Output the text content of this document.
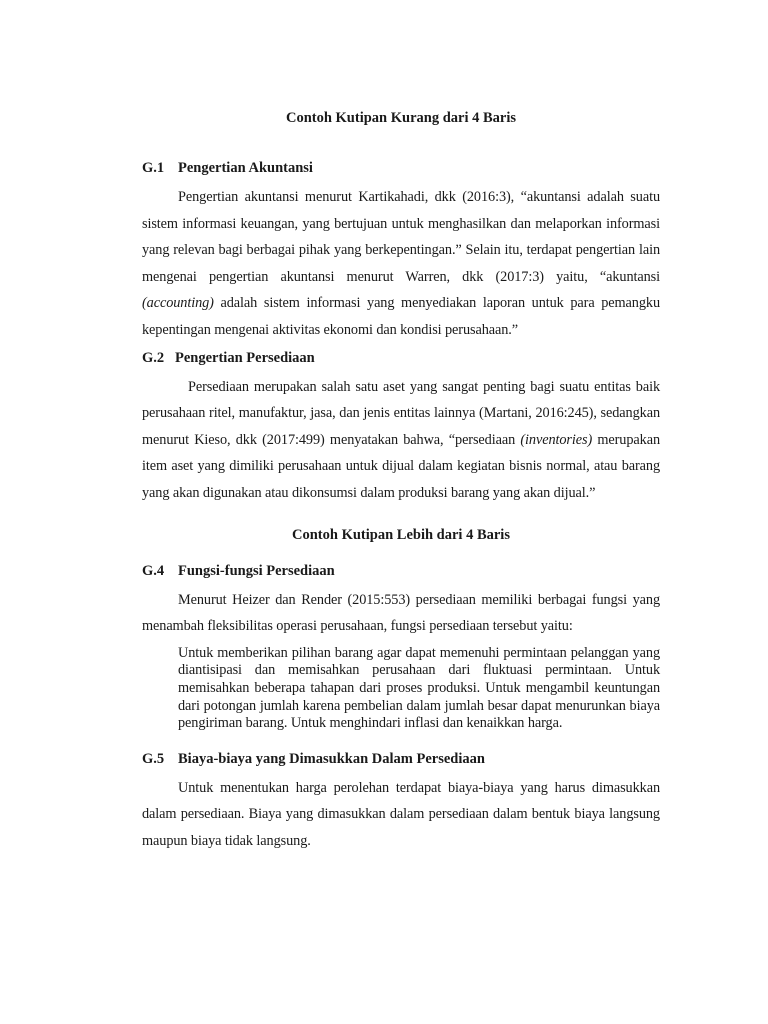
Contoh Kutipan Kurang dari 4 Baris

G.1 Pengertian Akuntansi

Pengertian akuntansi menurut Kartikahadi, dkk (2016:3), “akuntansi adalah suatu sistem informasi keuangan, yang bertujuan untuk menghasilkan dan melaporkan informasi yang relevan bagi berbagai pihak yang berkepentingan.” Selain itu, terdapat pengertian lain mengenai pengertian akuntansi menurut Warren, dkk (2017:3) yaitu, “akuntansi (accounting) adalah sistem informasi yang menyediakan laporan untuk para pemangku kepentingan mengenai aktivitas ekonomi dan kondisi perusahaan.”

G.2 Pengertian Persediaan

Persediaan merupakan salah satu aset yang sangat penting bagi suatu entitas baik perusahaan ritel, manufaktur, jasa, dan jenis entitas lainnya (Martani, 2016:245), sedangkan menurut Kieso, dkk (2017:499) menyatakan bahwa, “persediaan (inventories) merupakan item aset yang dimiliki perusahaan untuk dijual dalam kegiatan bisnis normal, atau barang yang akan digunakan atau dikonsumsi dalam produksi barang yang akan dijual.”

Contoh Kutipan Lebih dari 4 Baris

G.4 Fungsi-fungsi Persediaan

Menurut Heizer dan Render (2015:553) persediaan memiliki berbagai fungsi yang menambah fleksibilitas operasi perusahaan, fungsi persediaan tersebut yaitu:

Untuk memberikan pilihan barang agar dapat memenuhi permintaan pelanggan yang diantisipasi dan memisahkan perusahaan dari fluktuasi permintaan. Untuk memisahkan beberapa tahapan dari proses produksi. Untuk mengambil keuntungan dari potongan jumlah karena pembelian dalam jumlah besar dapat menurunkan biaya pengiriman barang. Untuk menghindari inflasi dan kenaikkan harga.

G.5 Biaya-biaya yang Dimasukkan Dalam Persediaan

Untuk menentukan harga perolehan terdapat biaya-biaya yang harus dimasukkan dalam persediaan. Biaya yang dimasukkan dalam persediaan dalam bentuk biaya langsung maupun biaya tidak langsung.
